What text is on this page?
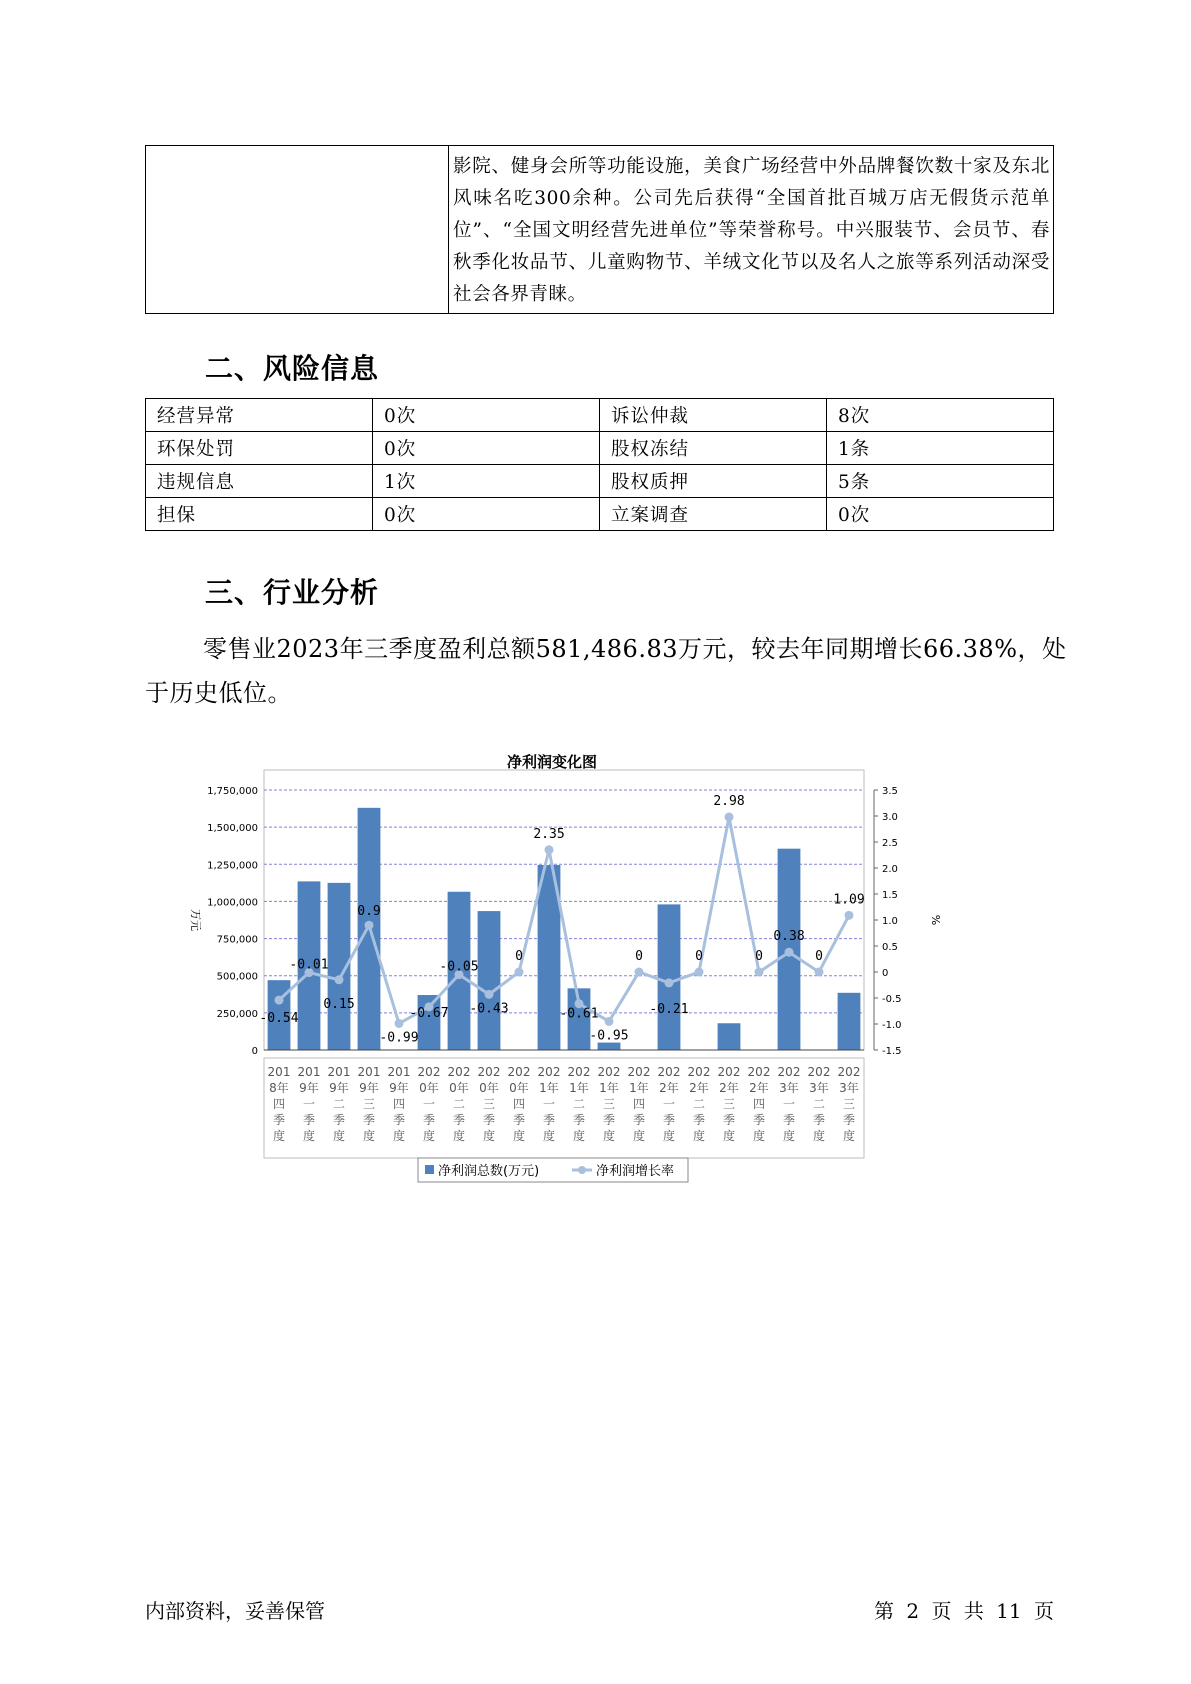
影院、健身会所等功能设施，美食广场经营中外品牌餐饮数十家及东北风味名吃300余种。公司先后获得“全国首批百城万店无假货示范单位”、“全国文明经营先进单位”等荣誉称号。中兴服装节、会员节、春秋季化妆品节、儿童购物节、羊绒文化节以及名人之旅等系列活动深受社会各界青睐。
二、风险信息
经营异常	0次	诉讼仲裁	8次
环保处罚	0次	股权冻结	1条
违规信息	1次	股权质押	5条
担保	0次	立案调查	0次
三、行业分析
零售业2023年三季度盈利总额581,486.83万元，较去年同期增长66.38%，处于历史低位。
净利润变化图
0
250,000
500,000
750,000
1,000,000
1,250,000
1,500,000
1,750,000
-1.5
-1.0
-0.5
0
0.5
1.0
1.5
2.0
2.5
3.0
3.5
万元	%
-0.54
-0.01
0.15
0.9
-0.99
-0.67
-0.05
-0.43
0
2.35
-0.61
-0.95
0
-0.21
0
2.98
0
0.38
0
1.09
201 8年四季度
201 9年一季度
201 9年二季度
201 9年三季度
201 9年四季度
202 0年一季度
202 0年二季度
202 0年三季度
202 0年四季度
202 1年一季度
202 1年二季度
202 1年三季度
202 1年四季度
202 2年一季度
202 2年二季度
202 2年三季度
202 2年四季度
202 3年一季度
202 3年二季度
202 3年三季度
净利润总数(万元)	净利润增长率
内部资料，妥善保管	第 2 页 共 11 页
